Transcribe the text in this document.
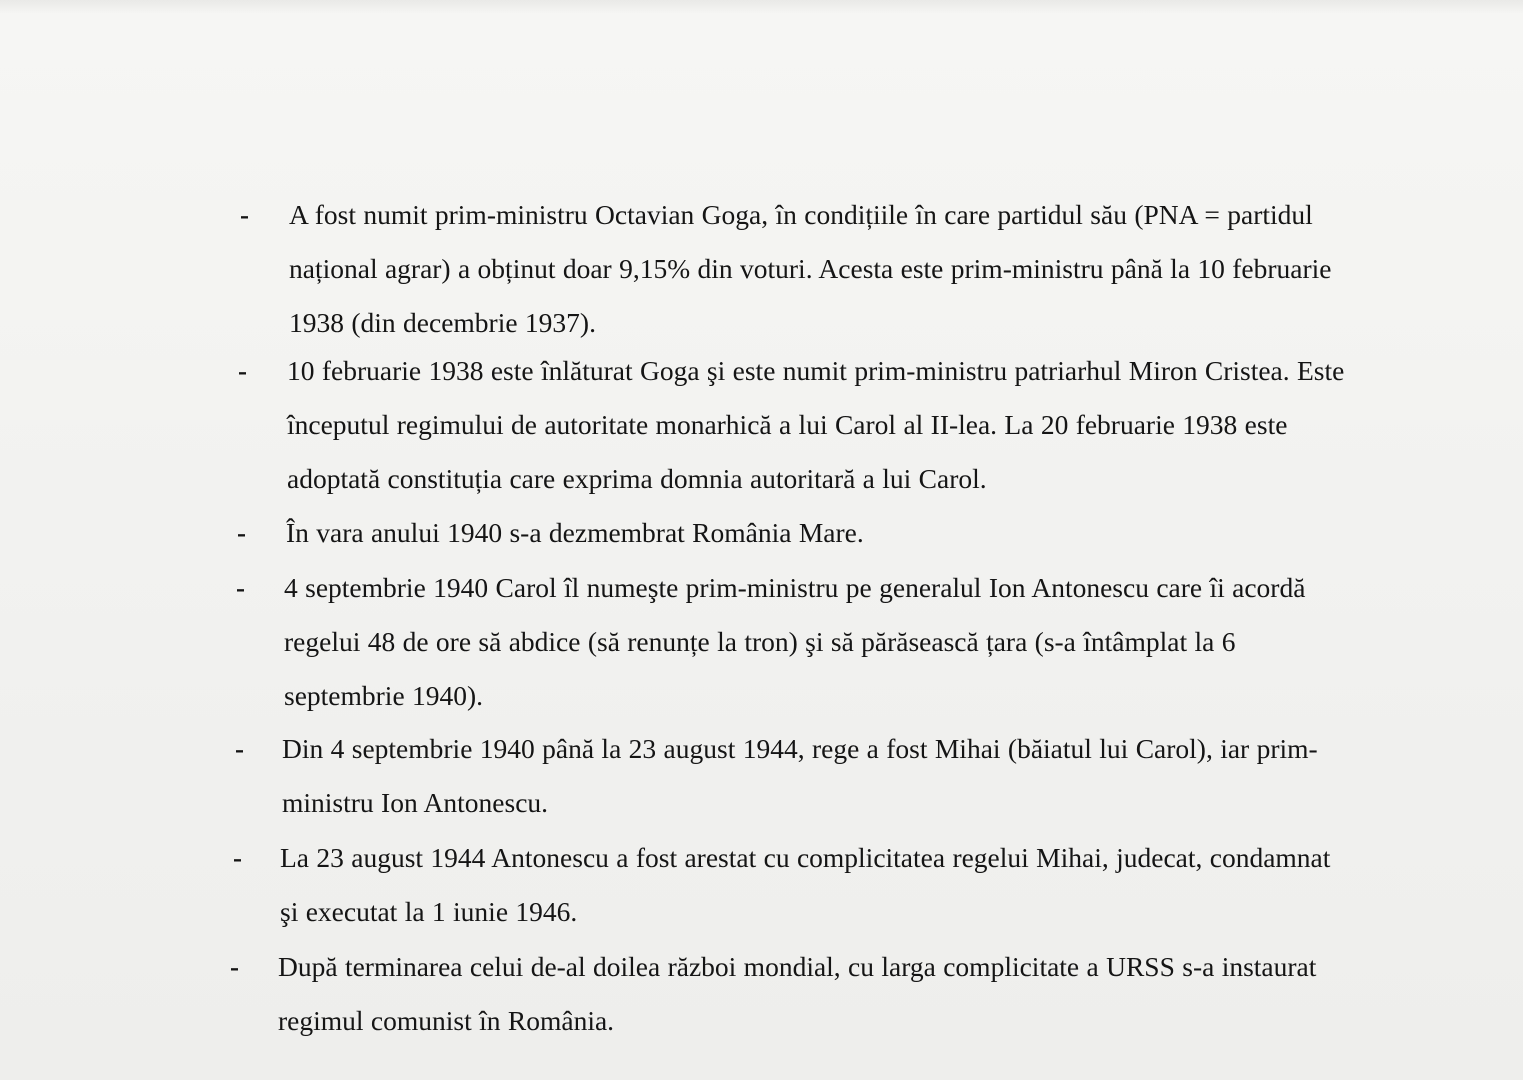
- A fost numit prim-ministru Octavian Goga, în condițiile în care partidul său (PNA = partidul național agrar) a obținut doar 9,15% din voturi. Acesta este prim-ministru până la 10 februarie 1938 (din decembrie 1937).
- 10 februarie 1938 este înlăturat Goga şi este numit prim-ministru patriarhul Miron Cristea. Este începutul regimului de autoritate monarhică a lui Carol al II-lea. La 20 februarie 1938 este adoptată constituția care exprima domnia autoritară a lui Carol.
- În vara anului 1940 s-a dezmembrat România Mare.
- 4 septembrie 1940 Carol îl numeşte prim-ministru pe generalul Ion Antonescu care îi acordă regelui 48 de ore să abdice (să renunțe la tron) şi să părăsească țara (s-a întâmplat la 6 septembrie 1940).
- Din 4 septembrie 1940 până la 23 august 1944, rege a fost Mihai (băiatul lui Carol), iar prim-ministru Ion Antonescu.
- La 23 august 1944 Antonescu a fost arestat cu complicitatea regelui Mihai, judecat, condamnat şi executat la 1 iunie 1946.
- După terminarea celui de-al doilea război mondial, cu larga complicitate a URSS s-a instaurat regimul comunist în România.
